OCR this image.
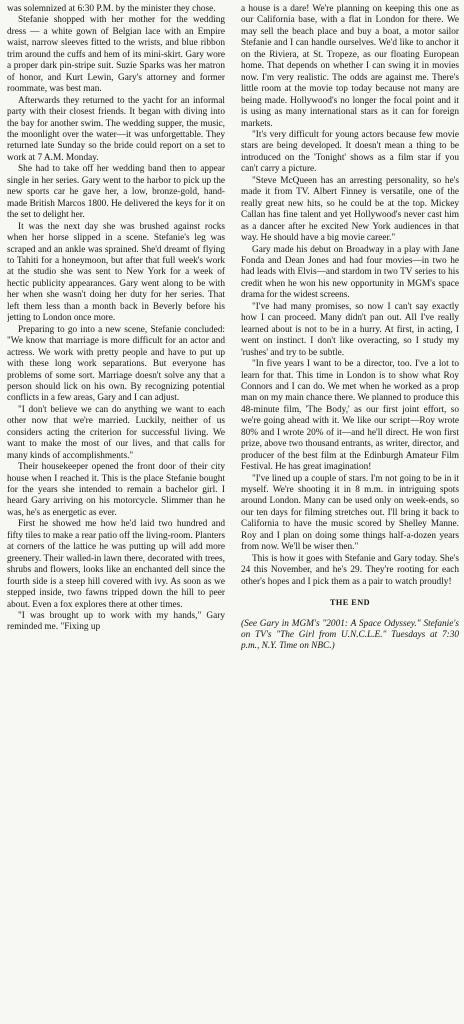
was solemnized at 6:30 P.M. by the minister they chose.

Stefanie shopped with her mother for the wedding dress — a white gown of Belgian lace with an Empire waist, narrow sleeves fitted to the wrists, and blue ribbon trim around the cuffs and hem of its mini-skirt. Gary wore a proper dark pin-stripe suit. Suzie Sparks was her matron of honor, and Kurt Lewin, Gary's attorney and former roommate, was best man.

Afterwards they returned to the yacht for an informal party with their closest friends. It began with diving into the bay for another swim. The wedding supper, the music, the moonlight over the water—it was unforgettable. They returned late Sunday so the bride could report on a set to work at 7 A.M. Monday.

She had to take off her wedding band then to appear single in her series. Gary went to the harbor to pick up the new sports car he gave her, a low, bronze-gold, hand-made British Marcos 1800. He delivered the keys for it on the set to delight her.

It was the next day she was brushed against rocks when her horse slipped in a scene. Stefanie's leg was scraped and an ankle was sprained. She'd dreamt of flying to Tahiti for a honeymoon, but after that full week's work at the studio she was sent to New York for a week of hectic publicity appearances. Gary went along to be with her when she wasn't doing her duty for her series. That left them less than a month back in Beverly before his jetting to London once more.

Preparing to go into a new scene, Stefanie concluded: "We know that marriage is more difficult for an actor and actress. We work with pretty people and have to put up with these long work separations. But everyone has problems of some sort. Marriage doesn't solve any that a person should lick on his own. By recognizing potential conflicts in a few areas, Gary and I can adjust.

"I don't believe we can do anything we want to each other now that we're married. Luckily, neither of us considers acting the criterion for successful living. We want to make the most of our lives, and that calls for many kinds of accomplishments."

Their housekeeper opened the front door of their city house when I reached it. This is the place Stefanie bought for the years she intended to remain a bachelor girl. I heard Gary arriving on his motorcycle. Slimmer than he was, he's as energetic as ever.

First he showed me how he'd laid two hundred and fifty tiles to make a rear patio off the living-room. Planters at corners of the lattice he was putting up will add more greenery. Their walled-in lawn there, decorated with trees, shrubs and flowers, looks like an enchanted dell since the fourth side is a steep hill covered with ivy. As soon as we stepped inside, two fawns tripped down the hill to peer about. Even a fox explores there at other times.

"I was brought up to work with my hands," Gary reminded me. "Fixing up

a house is a dare! We're planning on keeping this one as our California base, with a flat in London for there. We may sell the beach place and buy a boat, a motor sailor Stefanie and I can handle ourselves. We'd like to anchor it on the Riviera, at St. Tropeze, as our floating European home. That depends on whether I can swing it in movies now. I'm very realistic. The odds are against me. There's little room at the movie top today because not many are being made. Hollywood's no longer the focal point and it is using as many international stars as it can for foreign markets.

"It's very difficult for young actors because few movie stars are being developed. It doesn't mean a thing to be introduced on the 'Tonight' shows as a film star if you can't carry a picture.

"Steve McQueen has an arresting personality, so he's made it from TV. Albert Finney is versatile, one of the really great new hits, so he could be at the top. Mickey Callan has fine talent and yet Hollywood's never cast him as a dancer after he excited New York audiences in that way. He should have a big movie career."

Gary made his debut on Broadway in a play with Jane Fonda and Dean Jones and had four movies—in two he had leads with Elvis—and stardom in two TV series to his credit when he won his new opportunity in MGM's space drama for the widest screens.

"I've had many promises, so now I can't say exactly how I can proceed. Many didn't pan out. All I've really learned about is not to be in a hurry. At first, in acting, I went on instinct. I don't like overacting, so I study my 'rushes' and try to be subtle.

"In five years I want to be a director, too. I've a lot to learn for that. This time in London is to show what Roy Connors and I can do. We met when he worked as a prop man on my main chance there. We planned to produce this 48-minute film, 'The Body,' as our first joint effort, so we're going ahead with it. We like our script—Roy wrote 80% and I wrote 20% of it—and he'll direct. He won first prize, above two thousand entrants, as writer, director, and producer of the best film at the Edinburgh Amateur Film Festival. He has great imagination!

"I've lined up a couple of stars. I'm not going to be in it myself. We're shooting it in 8 m.m. in intriguing spots around London. Many can be used only on week-ends, so our ten days for filming stretches out. I'll bring it back to California to have the music scored by Shelley Manne. Roy and I plan on doing some things half-a-dozen years from now. We'll be wiser then."

This is how it goes with Stefanie and Gary today. She's 24 this November, and he's 29. They're rooting for each other's hopes and I pick them as a pair to watch proudly!

THE END

(See Gary in MGM's "2001: A Space Odyssey." Stefanie's on TV's "The Girl from U.N.C.L.E." Tuesdays at 7:30 p.m., N.Y. Time on NBC.)
